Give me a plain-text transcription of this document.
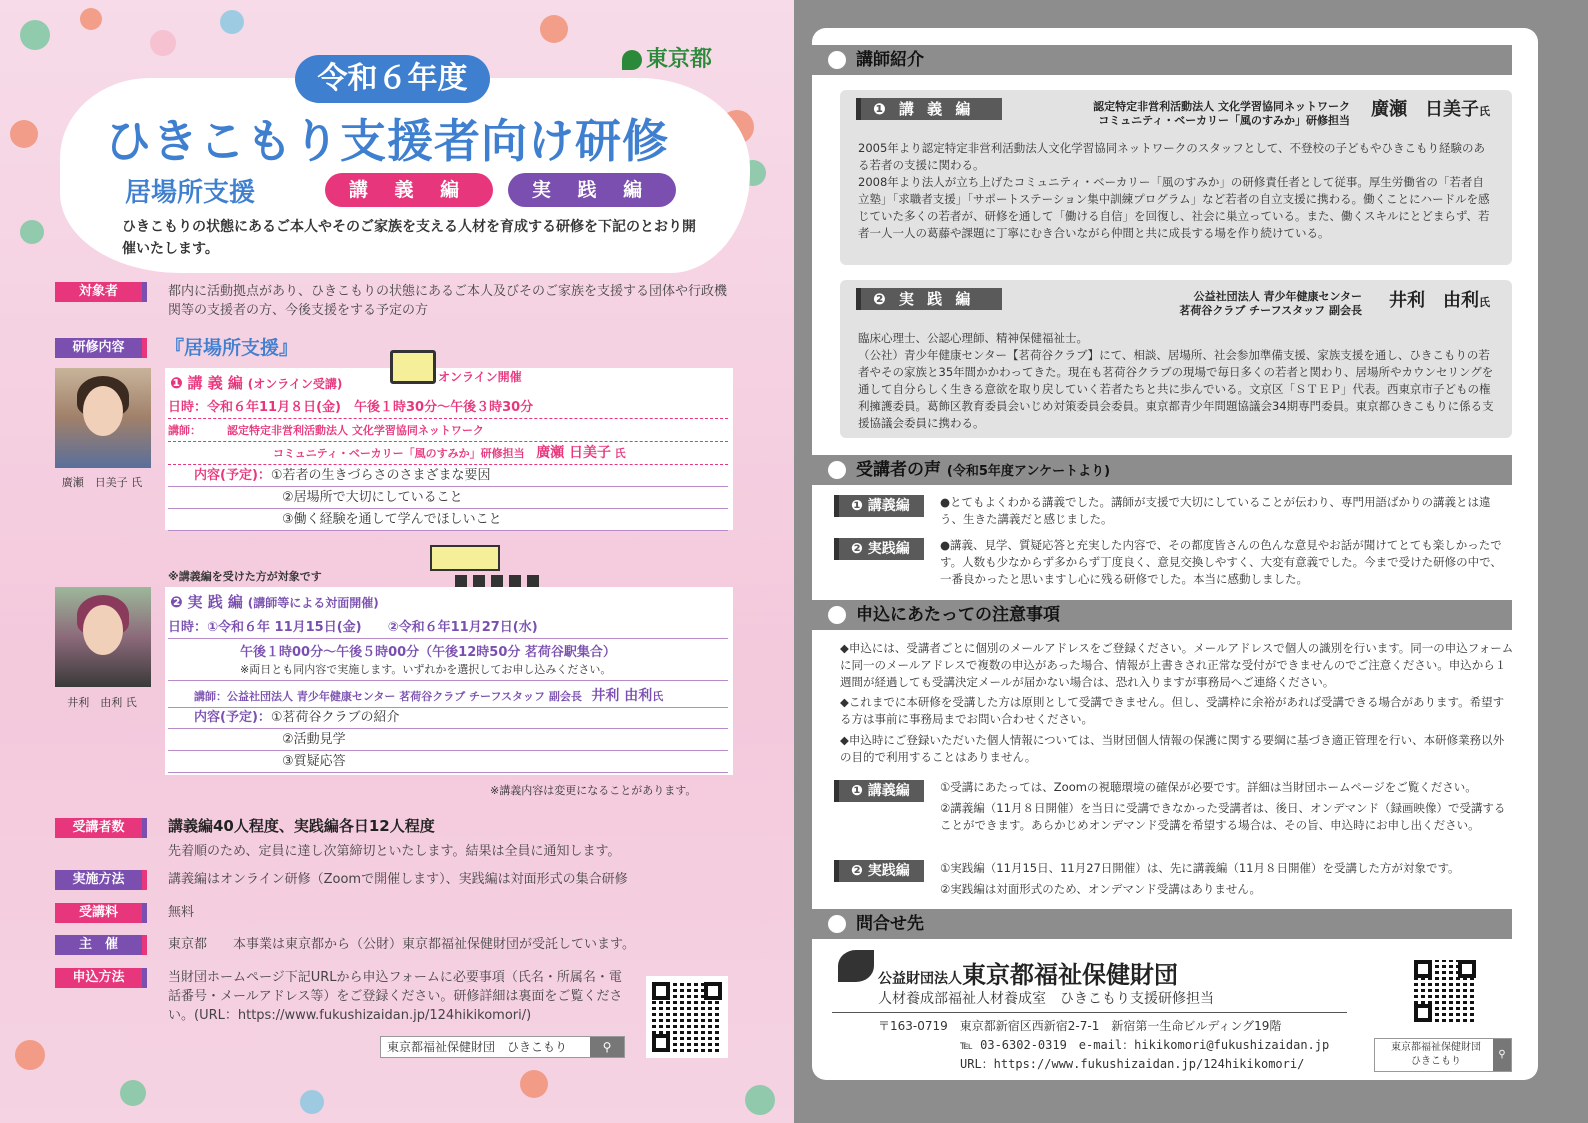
東京都
令和６年度
ひきこもり支援者向け研修
居場所支援	講 義 編	実 践 編
ひきこもりの状態にあるご本人やそのご家族を支える人材を育成する研修を下記のとおり開催いたします。
対象者	都内に活動拠点があり、ひきこもりの状態にあるご本人及びそのご家族を支援する団体や行政機関等の支援者の方、今後支援をする予定の方
研修内容	『居場所支援』
廣瀬　日美子 氏
❶ 講 義 編 (オンライン受講)	オンライン開催
日時：令和６年11月８日(金)　午後１時30分～午後３時30分
講師： 認定特定非営利活動法人 文化学習協同ネットワーク
コミュニティ・ベーカリー「風のすみか」研修担当 廣瀬 日美子 氏
内容(予定)：①若者の生きづらさのさまざまな要因
②居場所で大切にしていること
③働く経験を通して学んでほしいこと
※講義編を受けた方が対象です
井利　由利 氏
❷ 実 践 編 (講師等による対面開催)
日時：①令和６年 11月15日(金)　　②令和６年11月27日(水)
午後１時00分～午後５時00分（午後12時50分 茗荷谷駅集合）
※両日とも同内容で実施します。いずれかを選択してお申し込みください。
講師：公益社団法人 青少年健康センター 茗荷谷クラブ チーフスタッフ 副会長 井利 由利氏
内容(予定)：①茗荷谷クラブの紹介
②活動見学
③質疑応答
※講義内容は変更になることがあります。
受講者数	講義編40人程度、実践編各日12人程度
先着順のため、定員に達し次第締切といたします。結果は全員に通知します。
実施方法	講義編はオンライン研修（Zoomで開催します）、実践編は対面形式の集合研修
受講料	無料
主　催	東京都　　本事業は東京都から（公財）東京都福祉保健財団が受託しています。
申込方法	当財団ホームページ下記URLから申込フォームに必要事項（氏名・所属名・電話番号・メールアドレス等）をご登録ください。研修詳細は裏面をご覧ください。(URL：https://www.fukushizaidan.jp/124hikikomori/)
東京都福祉保健財団　ひきこもり	⚲
講師紹介
❶ 講 義 編	認定特定非営利活動法人 文化学習協同ネットワーク
コミュニティ・ベーカリー「風のすみか」研修担当
廣瀬　日美子氏
2005年より認定特定非営利活動法人文化学習協同ネットワークのスタッフとして、不登校の子どもやひきこもり経験のある若者の支援に関わる。
2008年より法人が立ち上げたコミュニティ・ベーカリー「風のすみか」の研修責任者として従事。厚生労働省の「若者自立塾」「求職者支援」「サポートステーション集中訓練プログラム」など若者の自立支援に携わる。働くことにハードルを感じていた多くの若者が、研修を通して「働ける自信」を回復し、社会に巣立っている。また、働くスキルにとどまらず、若者一人一人の葛藤や課題に丁寧にむき合いながら仲間と共に成長する場を作り続けている。
❷ 実 践 編	公益社団法人 青少年健康センター
茗荷谷クラブ チーフスタッフ 副会長	井利　由利氏
臨床心理士、公認心理師、精神保健福祉士。
（公社）青少年健康センター【茗荷谷クラブ】にて、相談、居場所、社会参加準備支援、家族支援を通し、ひきこもりの若者やその家族と35年間かかわってきた。現在も茗荷谷クラブの現場で毎日多くの若者と関わり、居場所やカウンセリングを通して自分らしく生きる意欲を取り戻していく若者たちと共に歩んでいる。文京区「ＳＴＥＰ」代表。西東京市子どもの権利擁護委員。葛飾区教育委員会いじめ対策委員会委員。東京都青少年問題協議会34期専門委員。東京都ひきこもりに係る支援協議会委員に携わる。
受講者の声 (令和5年度アンケートより)
❶ 講義編	●とてもよくわかる講義でした。講師が支援で大切にしていることが伝わり、専門用語ばかりの講義とは違う、生きた講義だと感じました。
❷ 実践編	●講義、見学、質疑応答と充実した内容で、その都度皆さんの色んな意見やお話が聞けてとても楽しかったです。人数も少なからず多からず丁度良く、意見交換しやすく、大変有意義でした。今まで受けた研修の中で、一番良かったと思いますし心に残る研修でした。本当に感動しました。
申込にあたっての注意事項
◆申込には、受講者ごとに個別のメールアドレスをご登録ください。メールアドレスで個人の識別を行います。同一の申込フォームに同一のメールアドレスで複数の申込があった場合、情報が上書きされ正常な受付ができませんのでご注意ください。申込から１週間が経過しても受講決定メールが届かない場合は、恐れ入りますが事務局へご連絡ください。
◆これまでに本研修を受講した方は原則として受講できません。但し、受講枠に余裕があれば受講できる場合があります。希望する方は事前に事務局までお問い合わせください。
◆申込時にご登録いただいた個人情報については、当財団個人情報の保護に関する要綱に基づき適正管理を行い、本研修業務以外の目的で利用することはありません。
❶ 講義編	①受講にあたっては、Zoomの視聴環境の確保が必要です。詳細は当財団ホームページをご覧ください。
②講義編（11月８日開催）を当日に受講できなかった受講者は、後日、オンデマンド（録画映像）で受講することができます。あらかじめオンデマンド受講を希望する場合は、その旨、申込時にお申し出ください。
❷ 実践編	①実践編（11月15日、11月27日開催）は、先に講義編（11月８日開催）を受講した方が対象です。
②実践編は対面形式のため、オンデマンド受講はありません。
問合せ先
公益財団法人東京都福祉保健財団
人材養成部福祉人材養成室　ひきこもり支援研修担当
〒163-0719　東京都新宿区西新宿2-7-1　新宿第一生命ビルディング19階
℡ 03-6302-0319　e-mail：hikikomori@fukushizaidan.jp
URL：https://www.fukushizaidan.jp/124hikikomori/
東京都福祉保健財団
ひきこもり
⚲
